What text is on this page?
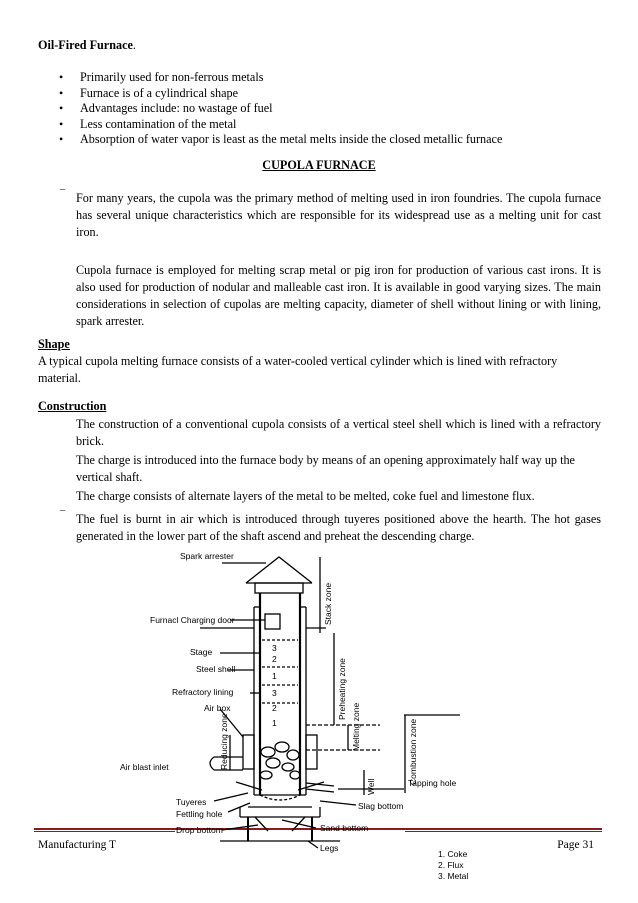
Oil-Fired Furnace.
• Primarily used for non-ferrous metals
• Furnace is of a cylindrical shape
• Advantages include: no wastage of fuel
• Less contamination of the metal
• Absorption of water vapor is least as the metal melts inside the closed metallic furnace
CUPOLA FURNACE
–

For many years, the cupola was the primary method of melting used in iron foundries. The cupola furnace has several unique characteristics which are responsible for its widespread use as a melting unit for cast iron.

Cupola furnace is employed for melting scrap metal or pig iron for production of various cast irons. It is also used for production of nodular and malleable cast iron. It is available in good varying sizes. The main considerations in selection of cupolas are melting capacity, diameter of shell without lining or with lining, spark arrester.

Shape

A typical cupola melting furnace consists of a water-cooled vertical cylinder which is lined with refractory material.

Construction

The construction of a conventional cupola consists of a vertical steel shell which is lined with a refractory brick.

The charge is introduced into the furnace body by means of an opening approximately half way up the vertical shaft.

The charge consists of alternate layers of the metal to be melted, coke fuel and limestone flux.

–

The fuel is burnt in air which is introduced through tuyeres positioned above the hearth. The hot gases generated in the lower part of the shaft ascend and preheat the descending charge.

Manufacturing T	Page 31
Spark arrester
Furnacl Charging door
Stage
Steel shell
Refractory lining
Air box
Air blast inlet
Tuyeres
Fettling hole
Drop bottom	Sand bottom
Legs
Slag bottom
Tapping hole
3
2
1
3
2
1
Stack zone
Preheating zone
Melting zone	Combustion zone
Reducing zone
Well
1. Coke
2. Flux
3. Metal
